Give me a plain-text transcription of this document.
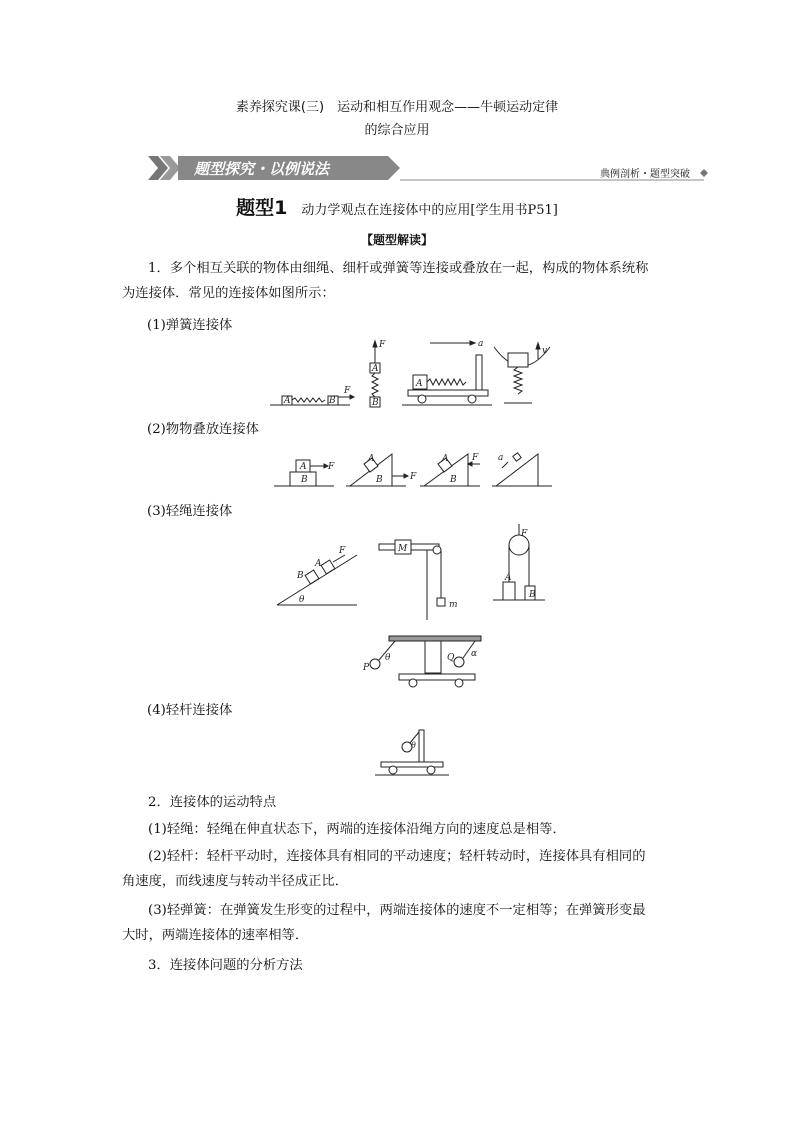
素养探究课(三)　运动和相互作用观念——牛顿运动定律
的综合应用
题型探究・以例说法	典例剖析・题型突破
题型1 动力学观点在连接体中的应用[学生用书P51]
【题型解读】
1．多个相互关联的物体由细绳、细杆或弹簧等连接或叠放在一起，构成的物体系统称
为连接体．常见的连接体如图所示：
(1)弹簧连接体
A	B
F
F
A
B
a
A
v
(2)物物叠放连接体
A
B
F
A
B	F
A
B
F a
(3)轻绳连接体
B
A
F
θ
M
m
F
A
B
P
θ	Q α
(4)轻杆连接体
θ
2．连接体的运动特点
(1)轻绳：轻绳在伸直状态下，两端的连接体沿绳方向的速度总是相等．
(2)轻杆：轻杆平动时，连接体具有相同的平动速度；轻杆转动时，连接体具有相同的
角速度，而线速度与转动半径成正比．
(3)轻弹簧：在弹簧发生形变的过程中，两端连接体的速度不一定相等；在弹簧形变最
大时，两端连接体的速率相等．
3．连接体问题的分析方法
